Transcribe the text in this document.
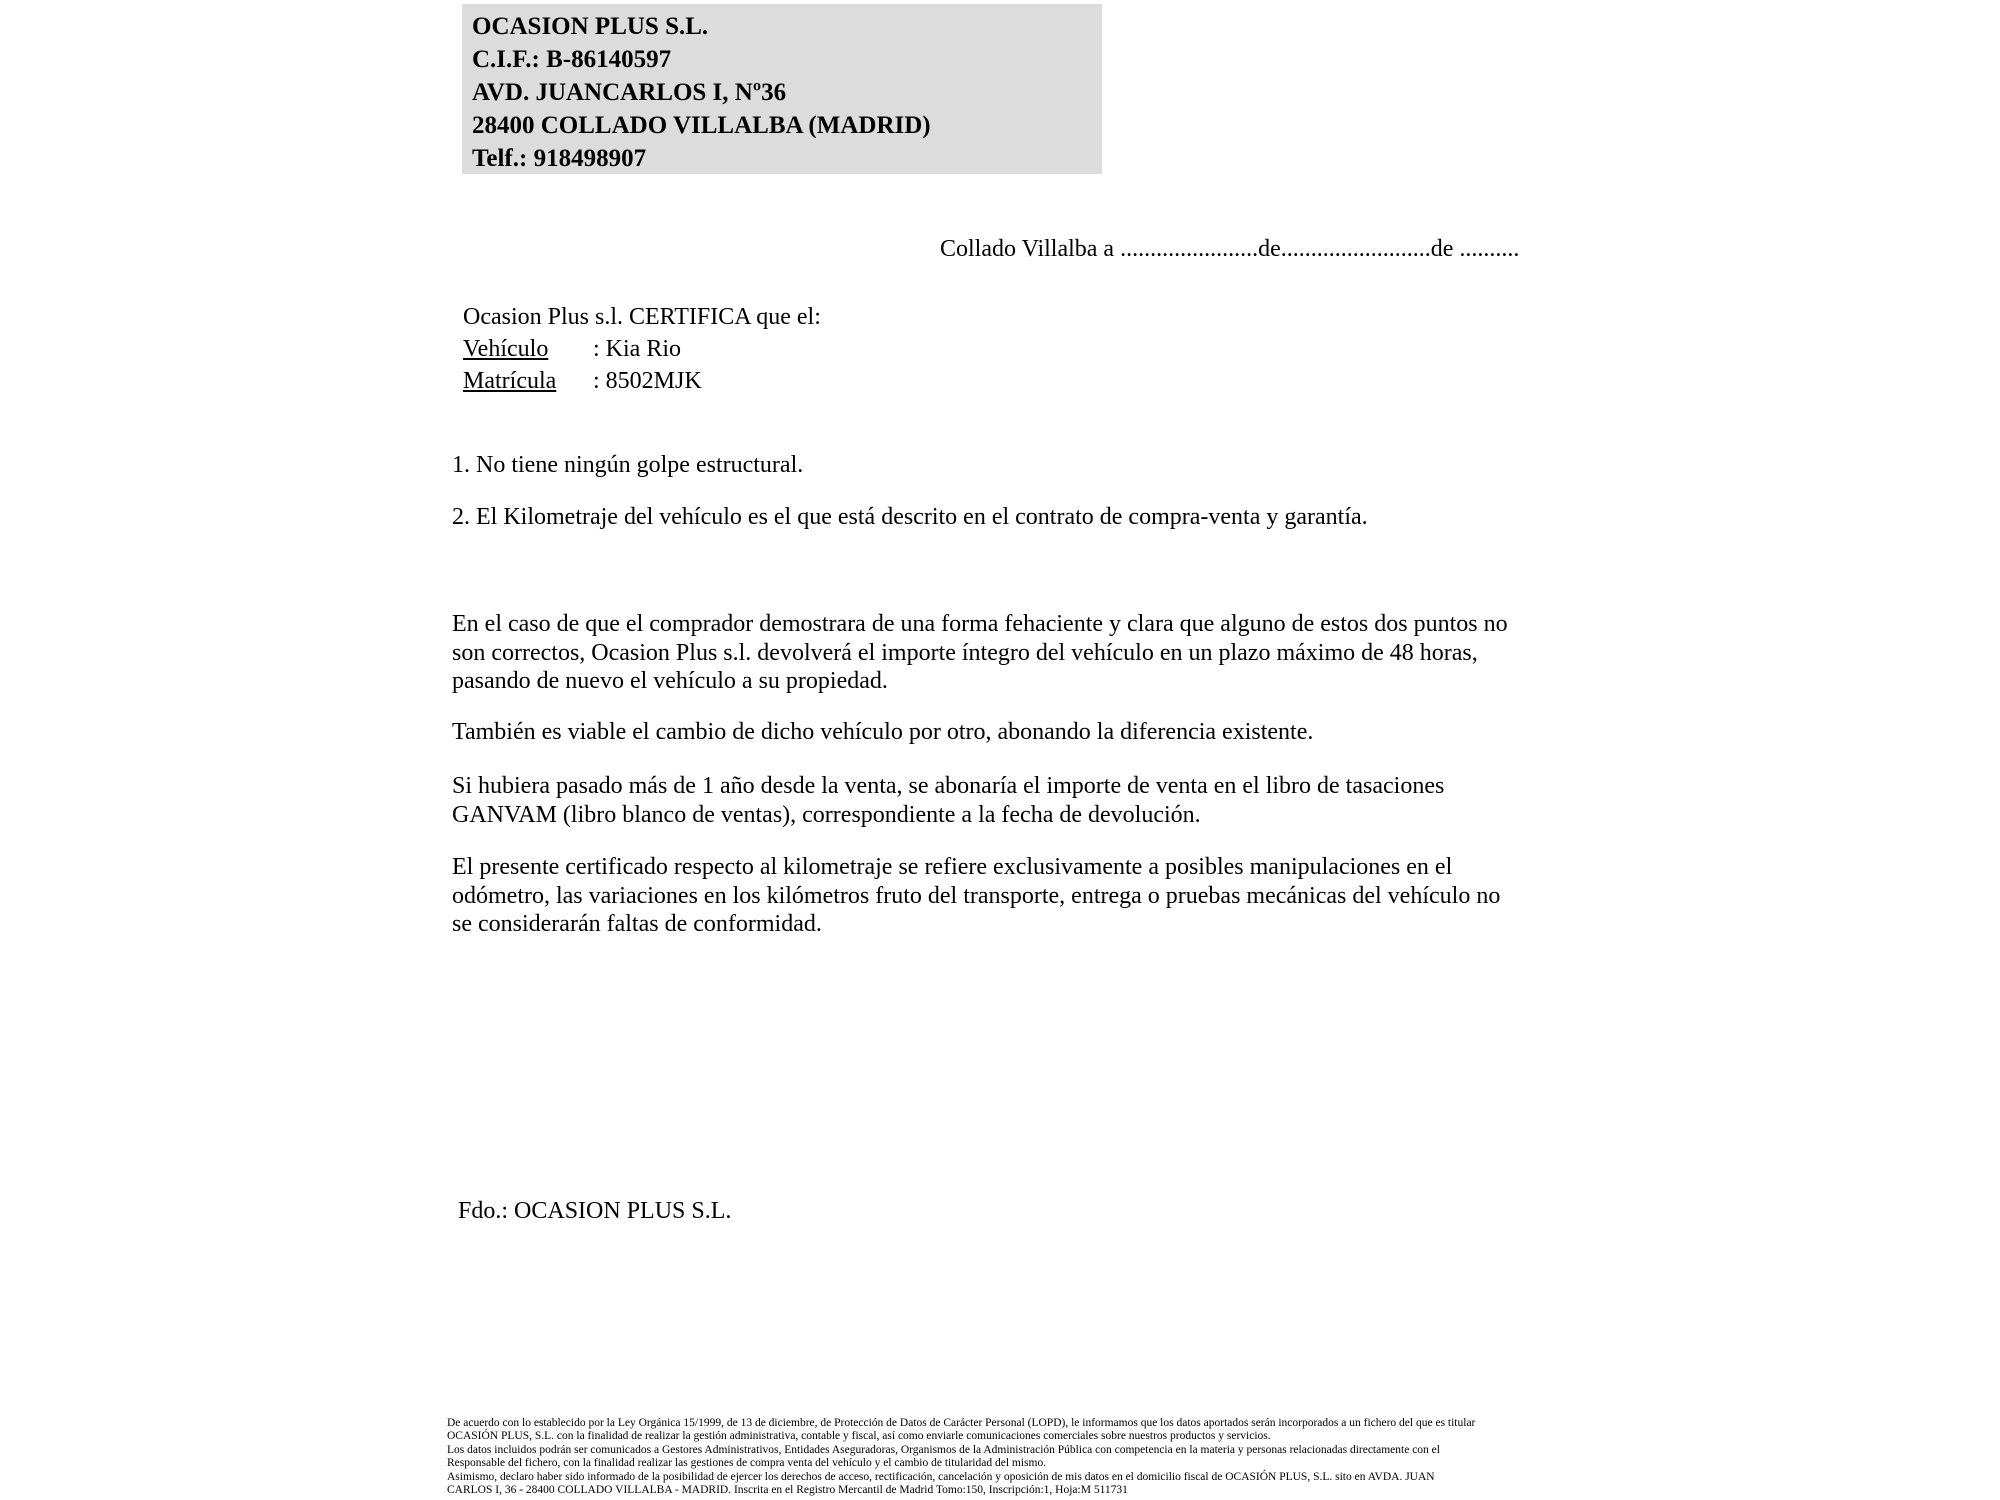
OCASION PLUS S.L.
C.I.F.: B-86140597
AVD. JUANCARLOS I, Nº36
28400 COLLADO VILLALBA (MADRID)
Telf.: 918498907
Collado Villalba a .......................de.........................de ..........
Ocasion Plus s.l. CERTIFICA que el:
Vehículo : Kia Rio
Matrícula : 8502MJK
1. No tiene ningún golpe estructural.
2. El Kilometraje del vehículo es el que está descrito en el contrato de compra-venta y garantía.
En el caso de que el comprador demostrara de una forma fehaciente y clara que alguno de estos dos puntos no
son correctos, Ocasion Plus s.l. devolverá el importe íntegro del vehículo en un plazo máximo de 48 horas,
pasando de nuevo el vehículo a su propiedad.
También es viable el cambio de dicho vehículo por otro, abonando la diferencia existente.
Si hubiera pasado más de 1 año desde la venta, se abonaría el importe de venta en el libro de tasaciones
GANVAM (libro blanco de ventas), correspondiente a la fecha de devolución.
El presente certificado respecto al kilometraje se refiere exclusivamente a posibles manipulaciones en el
odómetro, las variaciones en los kilómetros fruto del transporte, entrega o pruebas mecánicas del vehículo no
se considerarán faltas de conformidad.
Fdo.: OCASION PLUS S.L.
De acuerdo con lo establecido por la Ley Orgánica 15/1999, de 13 de diciembre, de Protección de Datos de Carácter Personal (LOPD), le informamos que los datos aportados serán incorporados a un fichero del que es titular
OCASIÓN PLUS, S.L. con la finalidad de realizar la gestión administrativa, contable y fiscal, así como enviarle comunicaciones comerciales sobre nuestros productos y servicios.
Los datos incluidos podrán ser comunicados a Gestores Administrativos, Entidades Aseguradoras, Organismos de la Administración Pública con competencia en la materia y personas relacionadas directamente con el
Responsable del fichero, con la finalidad realizar las gestiones de compra venta del vehículo y el cambio de titularidad del mismo.
Asimismo, declaro haber sido informado de la posibilidad de ejercer los derechos de acceso, rectificación, cancelación y oposición de mis datos en el domicilio fiscal de OCASIÓN PLUS, S.L. sito en AVDA. JUAN
CARLOS I, 36 - 28400 COLLADO VILLALBA - MADRID. Inscrita en el Registro Mercantil de Madrid Tomo:150, Inscripción:1, Hoja:M 511731
